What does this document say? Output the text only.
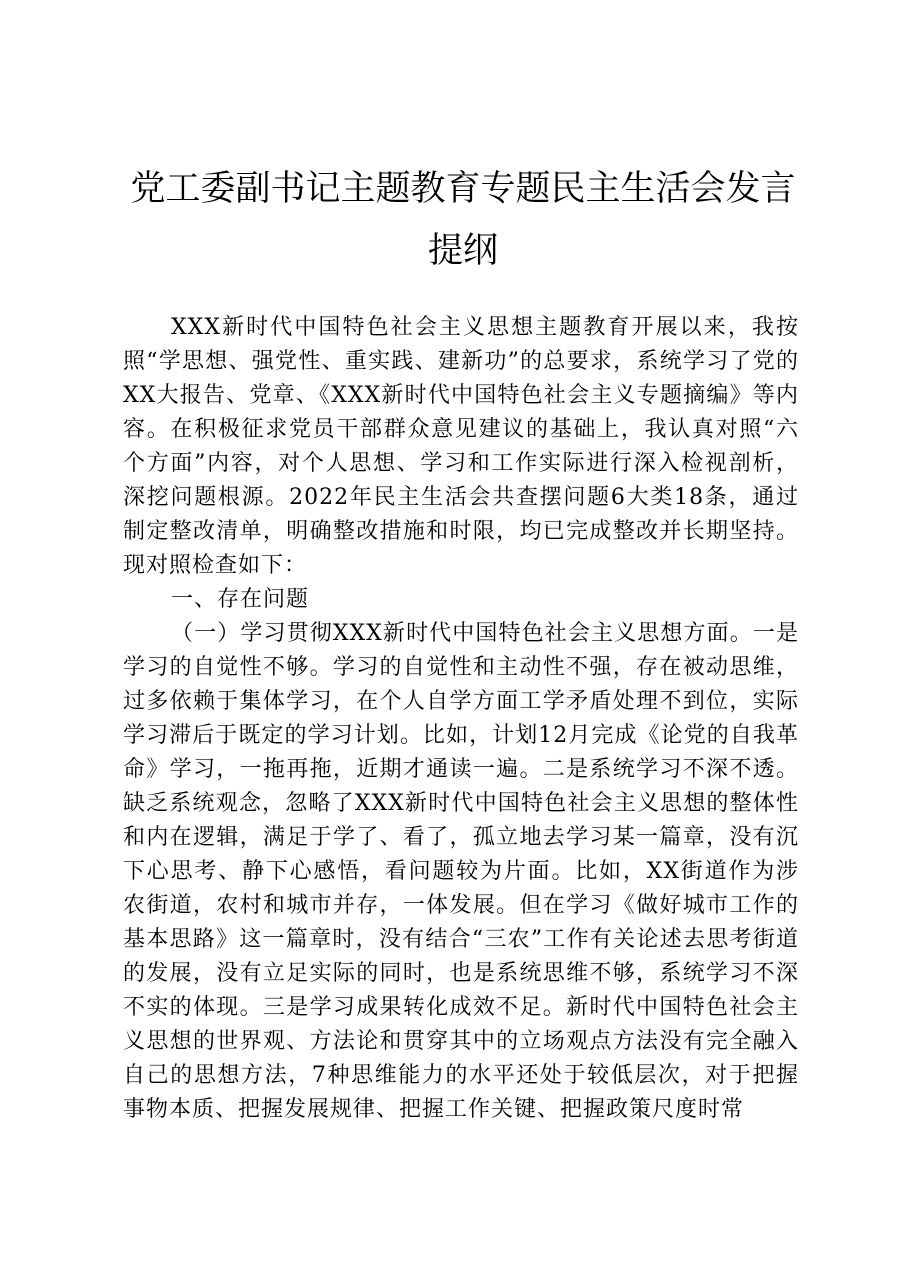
党工委副书记主题教育专题民主生活会发言提纲

XXX新时代中国特色社会主义思想主题教育开展以来，我按照“学思想、强党性、重实践、建新功”的总要求，系统学习了党的XX大报告、党章、《XXX新时代中国特色社会主义专题摘编》等内容。在积极征求党员干部群众意见建议的基础上，我认真对照“六个方面”内容，对个人思想、学习和工作实际进行深入检视剖析，深挖问题根源。2022年民主生活会共查摆问题6大类18条，通过制定整改清单，明确整改措施和时限，均已完成整改并长期坚持。现对照检查如下：

一、存在问题

（一）学习贯彻XXX新时代中国特色社会主义思想方面。一是学习的自觉性不够。学习的自觉性和主动性不强，存在被动思维，过多依赖于集体学习，在个人自学方面工学矛盾处理不到位，实际学习滞后于既定的学习计划。比如，计划12月完成《论党的自我革命》学习，一拖再拖，近期才通读一遍。二是系统学习不深不透。缺乏系统观念，忽略了XXX新时代中国特色社会主义思想的整体性和内在逻辑，满足于学了、看了，孤立地去学习某一篇章，没有沉下心思考、静下心感悟，看问题较为片面。比如，XX街道作为涉农街道，农村和城市并存，一体发展。但在学习《做好城市工作的基本思路》这一篇章时，没有结合“三农”工作有关论述去思考街道的发展，没有立足实际的同时，也是系统思维不够，系统学习不深不实的体现。三是学习成果转化成效不足。新时代中国特色社会主义思想的世界观、方法论和贯穿其中的立场观点方法没有完全融入自己的思想方法，7种思维能力的水平还处于较低层次，对于把握事物本质、把握发展规律、把握工作关键、把握政策尺度时常
